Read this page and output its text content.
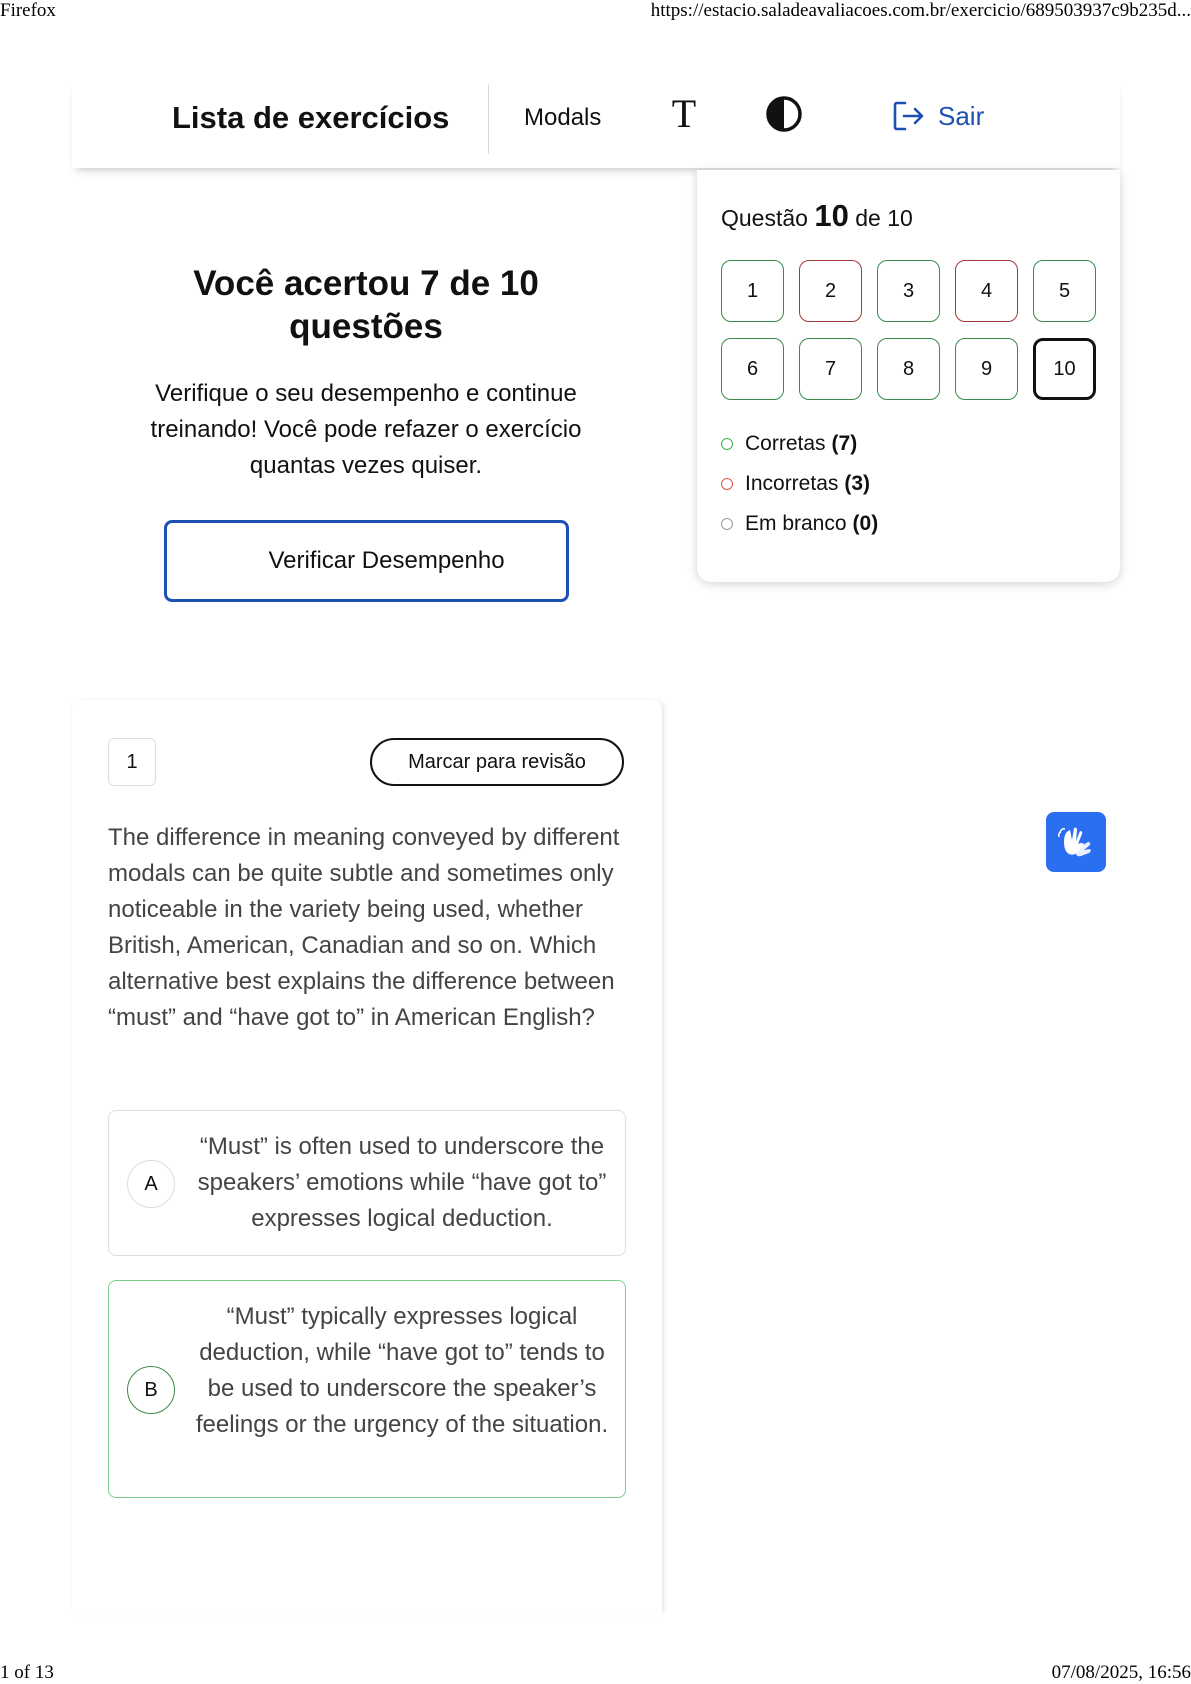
Firefox	https://estacio.saladeavaliacoes.com.br/exercicio/689503937c9b235d...
Lista de exercícios	Modals T	Sair
Você acertou 7 de 10 questões

Verifique o seu desempenho e continue treinando! Você pode refazer o exercício quantas vezes quiser.

Verificar Desempenho
Questão 10 de 10
1	2	3	4	5
6	7	8	9	10
Corretas (7)
Incorretas (3)
Em branco (0)
1	Marcar para revisão
The difference in meaning conveyed by different modals can be quite subtle and sometimes only noticeable in the variety being used, whether British, American, Canadian and so on. Which alternative best explains the difference between “must” and “have got to” in American English?
A
“Must” is often used to underscore the speakers’ emotions while “have got to” expresses logical deduction.
B
“Must” typically expresses logical deduction, while “have got to” tends to be used to underscore the speaker’s feelings or the urgency of the situation.
1 of 13	07/08/2025, 16:56
